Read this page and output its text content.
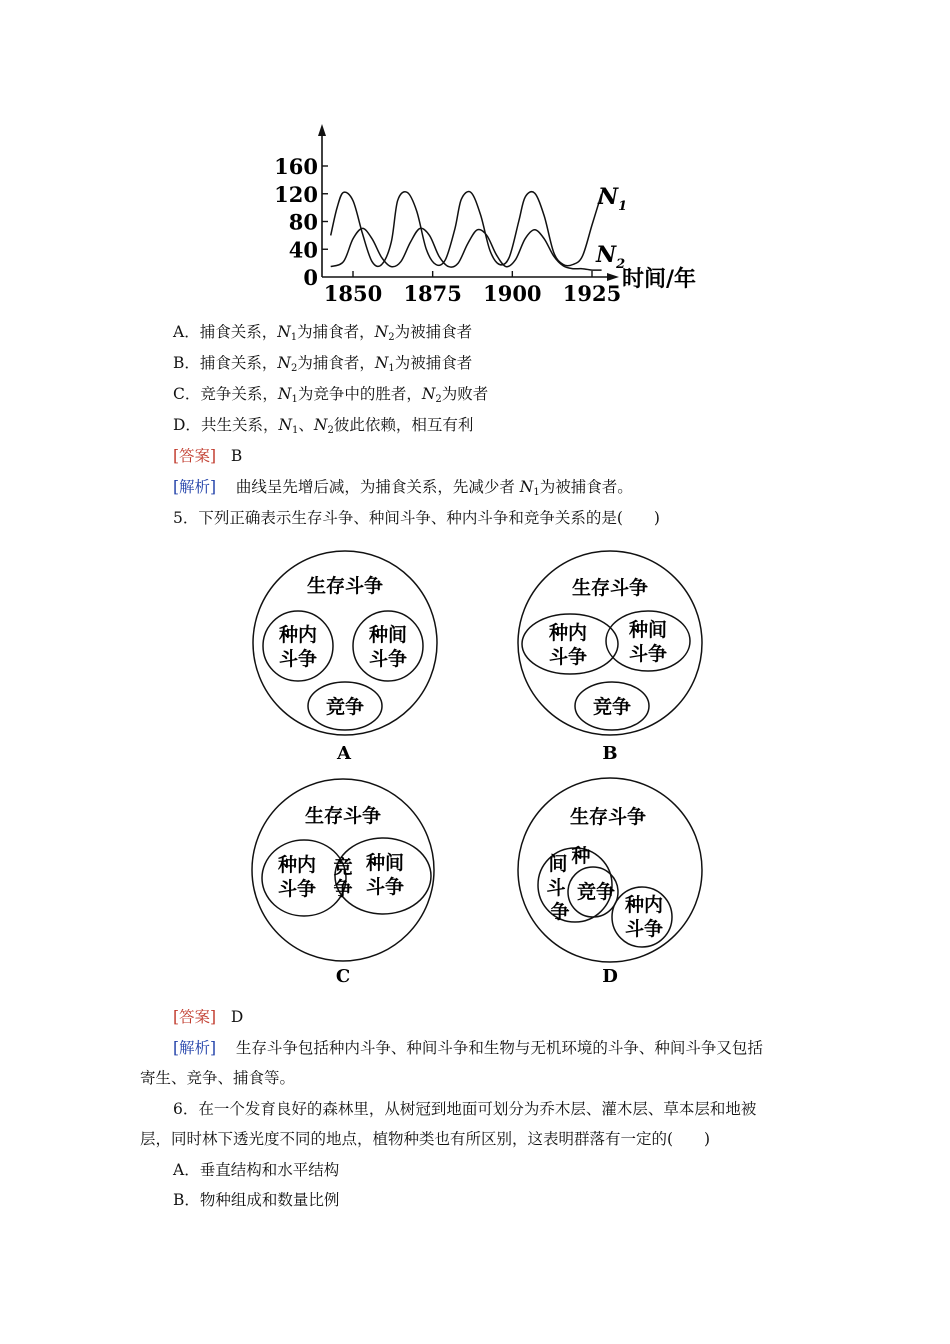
0
40
80
120
160
1850 1875 1900 1925
时间/年
$N_1$
$N_2$
A．捕食关系，$N_1$为捕食者，$N_2$为被捕食者
B．捕食关系，$N_2$为捕食者，$N_1$为被捕食者
C．竞争关系，$N_1$为竞争中的胜者，$N_2$为败者
D．共生关系，$N_1$、$N_2$彼此依赖，相互有利
[答案] B
[解析] 曲线呈先增后减，为捕食关系，先减少者 $N_1$为被捕食者。
5．下列正确表示生存斗争、种间斗争、种内斗争和竞争关系的是(　　)
生存斗争
种内
斗争
种间
斗争
竞争
A
生存斗争
种内
斗争
种间
斗争
竞争
B
生存斗争
种内
斗争
种间
斗争
竞
争
C
生存斗争
种
间
斗
争
竞争
种内
斗争
D
[答案] D
[解析] 生存斗争包括种内斗争、种间斗争和生物与无机环境的斗争、种间斗争又包括
寄生、竞争、捕食等。
6．在一个发育良好的森林里，从树冠到地面可划分为乔木层、灌木层、草本层和地被
层，同时林下透光度不同的地点，植物种类也有所区别，这表明群落有一定的(　　)
A．垂直结构和水平结构
B．物种组成和数量比例
